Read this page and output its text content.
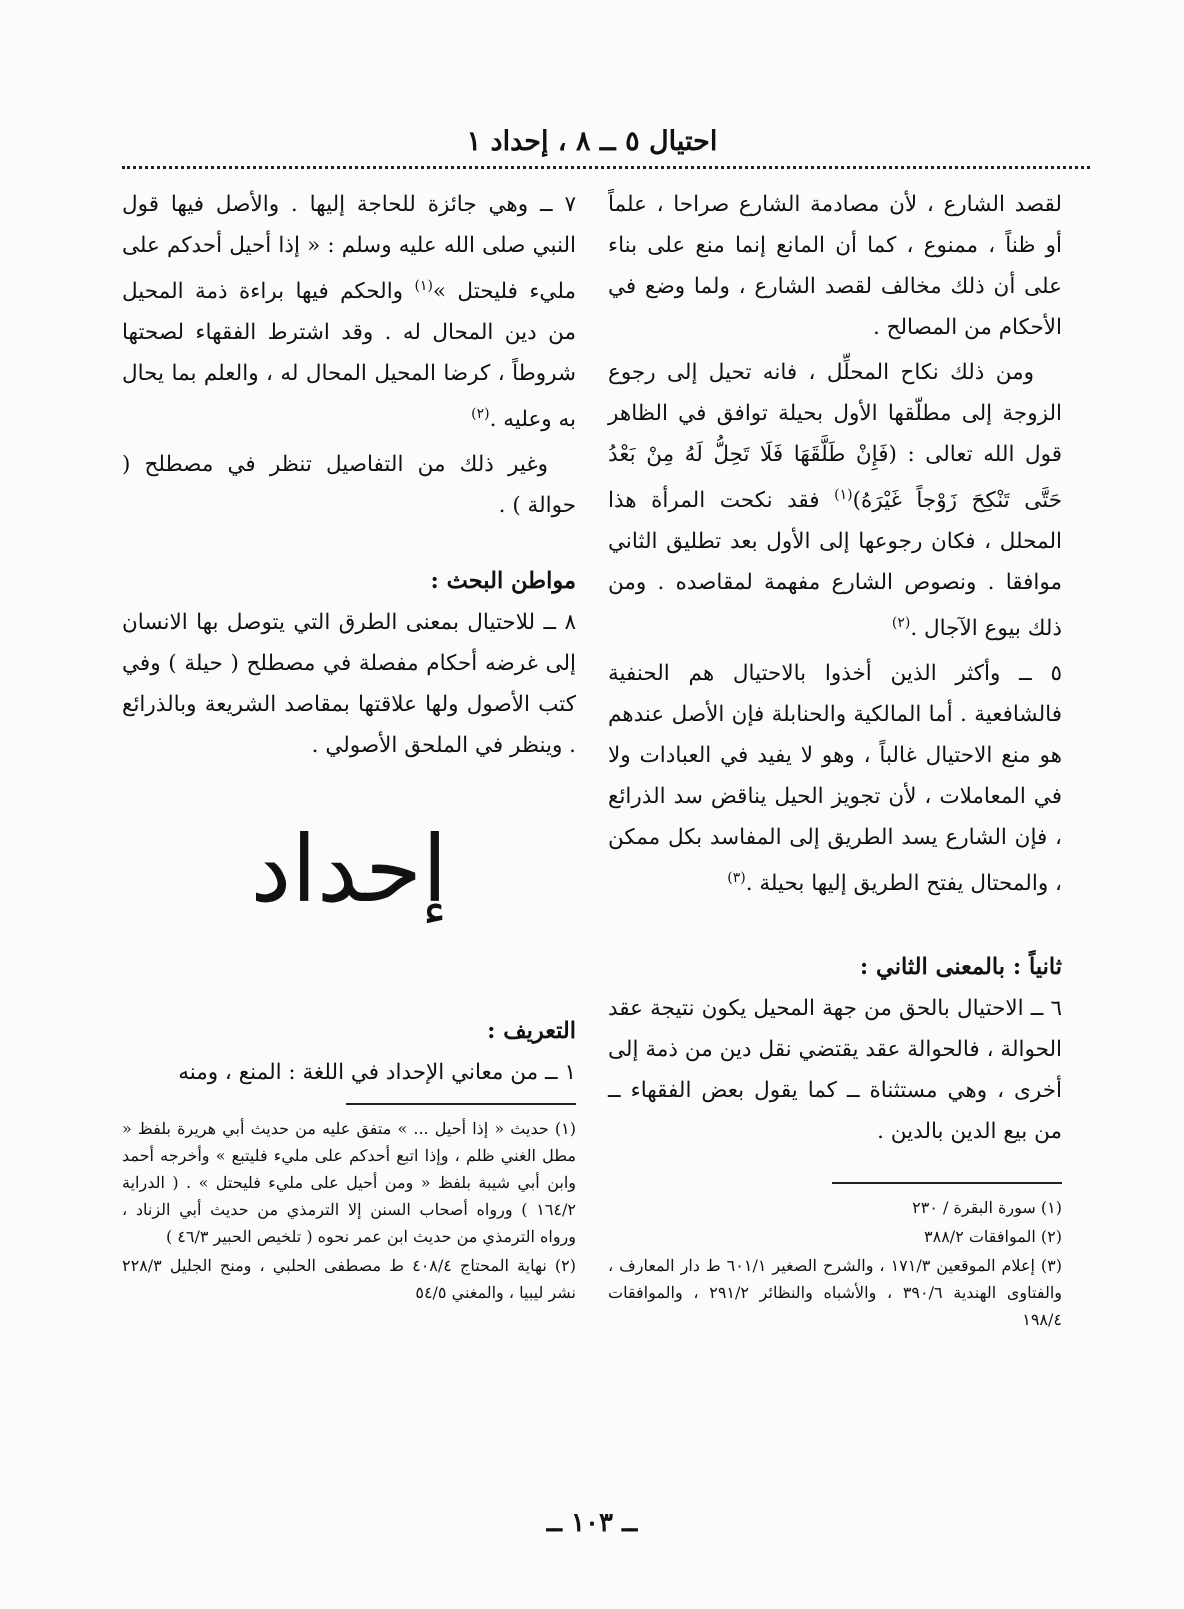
احتيال ٥ ــ ٨ ، إحداد ١

لقصد الشارع ، لأن مصادمة الشارع صراحا ، علماً أو ظناً ، ممنوع ، كما أن المانع إنما منع على بناء على أن ذلك مخالف لقصد الشارع ، ولما وضع في الأحكام من المصالح .

ومن ذلك نكاح المحلِّل ، فانه تحيل إلى رجوع الزوجة إلى مطلّقها الأول بحيلة توافق في الظاهر قول الله تعالى : (فَإِنْ طَلَّقَهَا فَلَا تَحِلُّ لَهُ مِنْ بَعْدُ حَتَّى تَنْكِحَ زَوْجاً غَيْرَهُ)$^{(١)}$ فقد نكحت المرأة هذا المحلل ، فكان رجوعها إلى الأول بعد تطليق الثاني موافقا . ونصوص الشارع مفهمة لمقاصده . ومن ذلك بيوع الآجال .$^{(٢)}$

٥ ــ وأكثر الذين أخذوا بالاحتيال هم الحنفية فالشافعية . أما المالكية والحنابلة فإن الأصل عندهم هو منع الاحتيال غالباً ، وهو لا يفيد في العبادات ولا في المعاملات ، لأن تجويز الحيل يناقض سد الذرائع ، فإن الشارع يسد الطريق إلى المفاسد بكل ممكن ، والمحتال يفتح الطريق إليها بحيلة .$^{(٣)}$

ثانياً : بالمعنى الثاني :

٦ ــ الاحتيال بالحق من جهة المحيل يكون نتيجة عقد الحوالة ، فالحوالة عقد يقتضي نقل دين من ذمة إلى أخرى ، وهي مستثناة ــ كما يقول بعض الفقهاء ــ من بيع الدين بالدين .

(١) سورة البقرة / ٢٣٠

(٢) الموافقات ٣٨٨/٢

(٣) إعلام الموقعين ١٧١/٣ ، والشرح الصغير ٦٠١/١ ط دار المعارف ، والفتاوى الهندية ٣٩٠/٦ ، والأشباه والنظائر ٢٩١/٢ ، والموافقات ١٩٨/٤

٧ ــ وهي جائزة للحاجة إليها . والأصل فيها قول النبي صلى الله عليه وسلم : « إذا أحيل أحدكم على مليء فليحتل »$^{(١)}$ والحكم فيها براءة ذمة المحيل من دين المحال له . وقد اشترط الفقهاء لصحتها شروطاً ، كرضا المحيل المحال له ، والعلم بما يحال به وعليه .$^{(٢)}$

وغير ذلك من التفاصيل تنظر في مصطلح ( حوالة ) .

مواطن البحث :

٨ ــ للاحتيال بمعنى الطرق التي يتوصل بها الانسان إلى غرضه أحكام مفصلة في مصطلح ( حيلة ) وفي كتب الأصول ولها علاقتها بمقاصد الشريعة وبالذرائع . وينظر في الملحق الأصولي .

إحداد

التعريف :

١ ــ من معاني الإحداد في اللغة : المنع ، ومنه

(١) حديث « إذا أحيل ... » متفق عليه من حديث أبي هريرة بلفظ « مطل الغني ظلم ، وإذا اتبع أحدكم على مليء فليتبع » وأخرجه أحمد وابن أبي شيبة بلفظ « ومن أحيل على مليء فليحتل » . ( الدراية ١٦٤/٢ ) ورواه أصحاب السنن إلا الترمذي من حديث أبي الزناد ، ورواه الترمذي من حديث ابن عمر نحوه ( تلخيص الحبير ٤٦/٣ )

(٢) نهاية المحتاج ٤٠٨/٤ ط مصطفى الحلبي ، ومنح الجليل ٢٢٨/٣ نشر ليبيا ، والمغني ٥٤/٥

ــ ١٠٣ ــ
